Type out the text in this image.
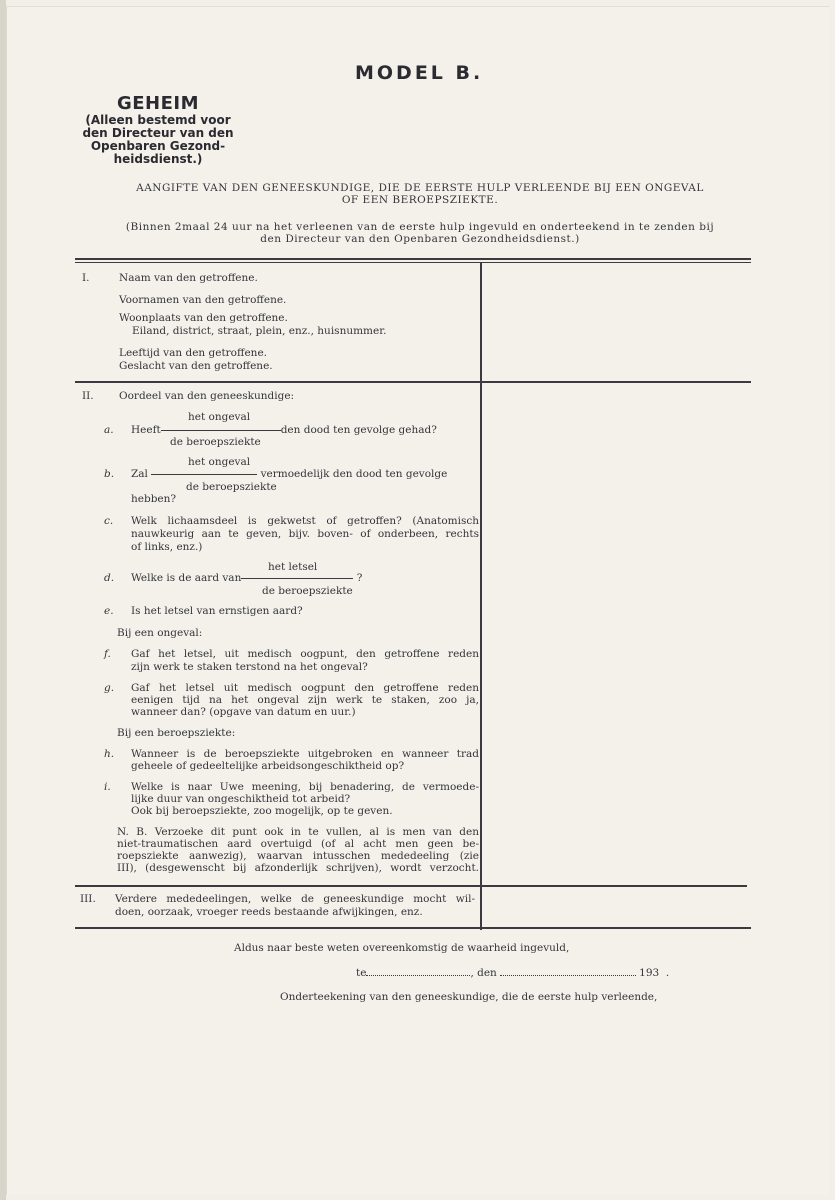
MODEL B.
GEHEIM
(Alleen bestemd voor
den Directeur van den
Openbaren Gezond-
heidsdienst.)
AANGIFTE VAN DEN GENEESKUNDIGE, DIE DE EERSTE HULP VERLEENDE BIJ EEN ONGEVAL
OF EEN BEROEPSZIEKTE.
(Binnen 2maal 24 uur na het verleenen van de eerste hulp ingevuld en onderteekend in te zenden bij
den Directeur van den Openbaren Gezondheidsdienst.)
I.	Naam van den getroffene.
Voornamen van den getroffene.
Woonplaats van den getroffene.
Eiland, district, straat, plein, enz., huisnummer.
Leeftijd van den getroffene.
Geslacht van den getroffene.
II. Oordeel van den geneeskundige:
het ongeval
a. Heeft	den dood ten gevolge gehad?
de beroepsziekte
het ongeval
b. Zal	vermoedelijk den dood ten gevolge
de beroepsziekte
hebben?
c. Welk lichaamsdeel is gekwetst of getroffen? (Anatomisch
nauwkeurig aan te geven, bijv. boven- of onderbeen, rechts
of links, enz.)
het letsel
d. Welke is de aard van	?
de beroepsziekte
e. Is het letsel van ernstigen aard?
Bij een ongeval:
f. Gaf het letsel, uit medisch oogpunt, den getroffene reden
zijn werk te staken terstond na het ongeval?
g. Gaf het letsel uit medisch oogpunt den getroffene reden
eenigen tijd na het ongeval zijn werk te staken, zoo ja,
wanneer dan? (opgave van datum en uur.)
Bij een beroepsziekte:
h. Wanneer is de beroepsziekte uitgebroken en wanneer trad
geheele of gedeeltelijke arbeidsongeschiktheid op?
i. Welke is naar Uwe meening, bij benadering, de vermoede-
lijke duur van ongeschiktheid tot arbeid?
Ook bij beroepsziekte, zoo mogelijk, op te geven.
N. B. Verzoeke dit punt ook in te vullen, al is men van den
niet-traumatischen aard overtuigd (of al acht men geen be-
roepsziekte aanwezig), waarvan intusschen mededeeling (zie
III), (desgewenscht bij afzonderlijk schrijven), wordt verzocht.
III. Verdere mededeelingen, welke de geneeskundige mocht wil-
doen, oorzaak, vroeger reeds bestaande afwijkingen, enz.
Aldus naar beste weten overeenkomstig de waarheid ingevuld,
te	, den	193 .
Onderteekening van den geneeskundige, die de eerste hulp verleende,
